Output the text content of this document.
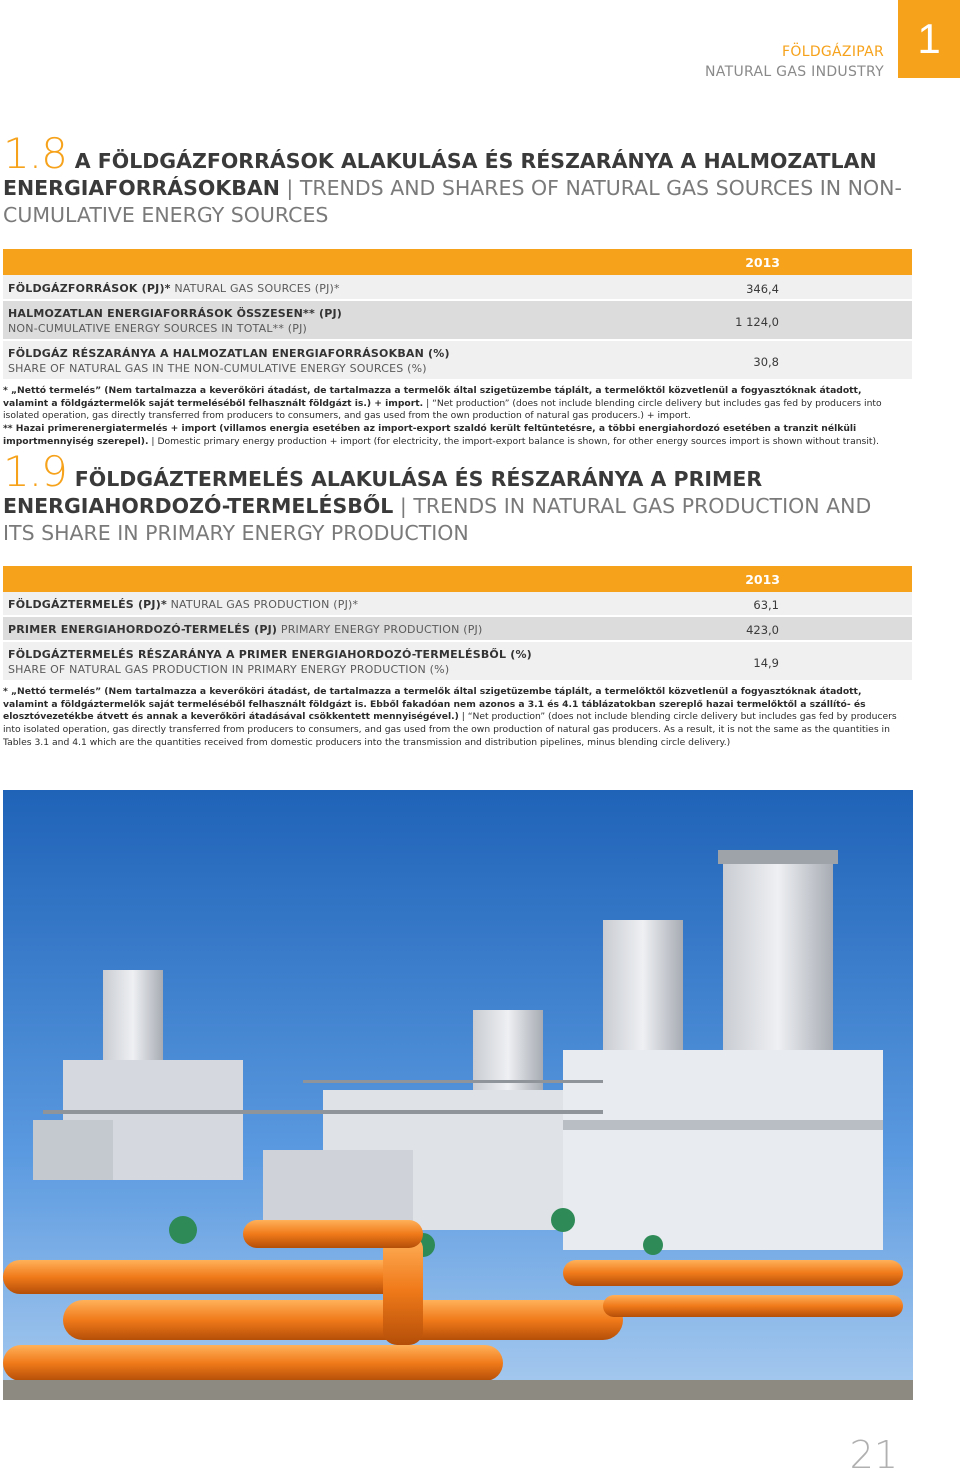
FÖLDGÁZIPAR
NATURAL GAS INDUSTRY
1
1.8 A FÖLDGÁZFORRÁSOK ALAKULÁSA ÉS RÉSZARÁNYA A HALMOZATLAN ENERGIAFORRÁSOKBAN | TRENDS AND SHARES OF NATURAL GAS SOURCES IN NON-CUMULATIVE ENERGY SOURCES
2013
FÖLDGÁZFORRÁSOK (PJ)* NATURAL GAS SOURCES (PJ)*	346,4
HALMOZATLAN ENERGIAFORRÁSOK ÖSSZESEN** (PJ)
NON-CUMULATIVE ENERGY SOURCES IN TOTAL** (PJ)	1 124,0
FÖLDGÁZ RÉSZARÁNYA A HALMOZATLAN ENERGIAFORRÁSOKBAN (%)
SHARE OF NATURAL GAS IN THE NON-CUMULATIVE ENERGY SOURCES (%)	30,8
* „Nettó termelés” (Nem tartalmazza a keverőköri átadást, de tartalmazza a termelők által szigetüzembe táplált, a termelőktől közvetlenül a fogyasztóknak átadott, valamint a földgáztermelők saját termeléséből felhasznált földgázt is.) + import. | “Net production” (does not include blending circle delivery but includes gas fed by producers into isolated operation, gas directly transferred from producers to consumers, and gas used from the own production of natural gas producers.) + import.
** Hazai primerenergiatermelés + import (villamos energia esetében az import-export szaldó került feltüntetésre, a többi energiahordozó esetében a tranzit nélküli importmennyiség szerepel). | Domestic primary energy production + import (for electricity, the import-export balance is shown, for other energy sources import is shown without transit).
1.9 FÖLDGÁZTERMELÉS ALAKULÁSA ÉS RÉSZARÁNYA A PRIMER ENERGIAHORDOZÓ-TERMELÉSBŐL | TRENDS IN NATURAL GAS PRODUCTION AND ITS SHARE IN PRIMARY ENERGY PRODUCTION
2013
FÖLDGÁZTERMELÉS (PJ)* NATURAL GAS PRODUCTION (PJ)*	63,1
PRIMER ENERGIAHORDOZÓ-TERMELÉS (PJ) PRIMARY ENERGY PRODUCTION (PJ)	423,0
FÖLDGÁZTERMELÉS RÉSZARÁNYA A PRIMER ENERGIAHORDOZÓ-TERMELÉSBŐL (%)
SHARE OF NATURAL GAS PRODUCTION IN PRIMARY ENERGY PRODUCTION (%)	14,9
* „Nettó termelés” (Nem tartalmazza a keverőköri átadást, de tartalmazza a termelők által szigetüzembe táplált, a termelőktől közvetlenül a fogyasztóknak átadott, valamint a földgáztermelők saját termeléséből felhasznált földgázt is. Ebből fakadóan nem azonos a 3.1 és 4.1 táblázatokban szereplő hazai termelőktől a szállító- és elosztóvezetékbe átvett és annak a keverőköri átadásával csökkentett mennyiségével.) | “Net production” (does not include blending circle delivery but includes gas fed by producers into isolated operation, gas directly transferred from producers to consumers, and gas used from the own production of natural gas producers. As a result, it is not the same as the quantities in Tables 3.1 and 4.1 which are the quantities received from domestic producers into the transmission and distribution pipelines, minus blending circle delivery.)
21
